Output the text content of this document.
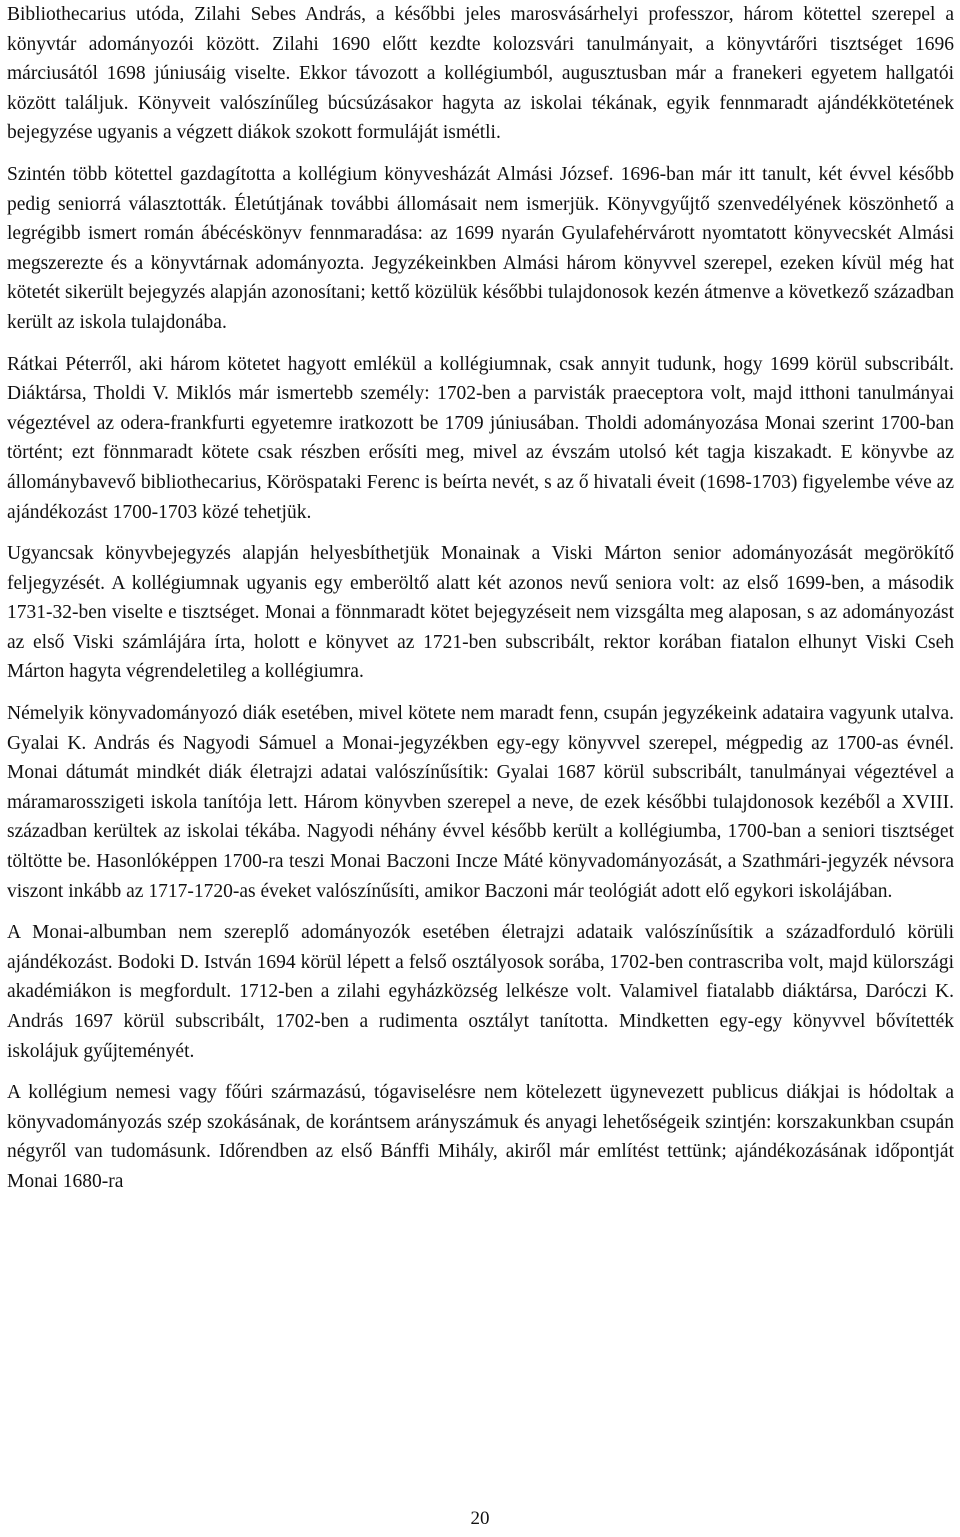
Bibliothecarius utóda, Zilahi Sebes András, a későbbi jeles marosvásárhelyi professzor, három kötettel szerepel a könyvtár adományozói között. Zilahi 1690 előtt kezdte kolozsvári tanulmányait, a könyvtárőri tisztséget 1696 márciusától 1698 júniusáig viselte. Ekkor távozott a kollégiumból, augusztusban már a franekeri egyetem hallgatói között találjuk. Könyveit valószínűleg búcsúzásakor hagyta az iskolai tékának, egyik fennmaradt ajándékkötetének bejegyzése ugyanis a végzett diákok szokott formuláját ismétli.

Szintén több kötettel gazdagította a kollégium könyvesházát Almási József. 1696-ban már itt tanult, két évvel később pedig seniorrá választották. Életútjának további állomásait nem ismerjük. Könyvgyűjtő szenvedélyének köszönhető a legrégibb ismert román ábécéskönyv fennmaradása: az 1699 nyarán Gyulafehérvárott nyomtatott könyvecskét Almási megszerezte és a könyvtárnak adományozta. Jegyzékeinkben Almási három könyvvel szerepel, ezeken kívül még hat kötetét sikerült bejegyzés alapján azonosítani; kettő közülük későbbi tulajdonosok kezén átmenve a következő században került az iskola tulajdonába.

Rátkai Péterről, aki három kötetet hagyott emlékül a kollégiumnak, csak annyit tudunk, hogy 1699 körül subscribált. Diáktársa, Tholdi V. Miklós már ismertebb személy: 1702-ben a parvisták praeceptora volt, majd itthoni tanulmányai végeztével az odera-frankfurti egyetemre iratkozott be 1709 júniusában. Tholdi adományozása Monai szerint 1700-ban történt; ezt fönnmaradt kötete csak részben erősíti meg, mivel az évszám utolsó két tagja kiszakadt. E könyvbe az állománybavevő bibliothecarius, Köröspataki Ferenc is beírta nevét, s az ő hivatali éveit (1698-1703) figyelembe véve az ajándékozást 1700-1703 közé tehetjük.

Ugyancsak könyvbejegyzés alapján helyesbíthetjük Monainak a Viski Márton senior adományozását megörökítő feljegyzését. A kollégiumnak ugyanis egy emberöltő alatt két azonos nevű seniora volt: az első 1699-ben, a második 1731-32-ben viselte e tisztséget. Monai a fönnmaradt kötet bejegyzéseit nem vizsgálta meg alaposan, s az adományozást az első Viski számlájára írta, holott e könyvet az 1721-ben subscribált, rektor korában fiatalon elhunyt Viski Cseh Márton hagyta végrendeletileg a kollégiumra.

Némelyik könyvadományozó diák esetében, mivel kötete nem maradt fenn, csupán jegyzékeink adataira vagyunk utalva. Gyalai K. András és Nagyodi Sámuel a Monai-jegyzékben egy-egy könyvvel szerepel, mégpedig az 1700-as évnél. Monai dátumát mindkét diák életrajzi adatai valószínűsítik: Gyalai 1687 körül subscribált, tanulmányai végeztével a máramarosszigeti iskola tanítója lett. Három könyvben szerepel a neve, de ezek későbbi tulajdonosok kezéből a XVIII. században kerültek az iskolai tékába. Nagyodi néhány évvel később került a kollégiumba, 1700-ban a seniori tisztséget töltötte be. Hasonlóképpen 1700-ra teszi Monai Baczoni Incze Máté könyvadományozását, a Szathmári-jegyzék névsora viszont inkább az 1717-1720-as éveket valószínűsíti, amikor Baczoni már teológiát adott elő egykori iskolájában.

A Monai-albumban nem szereplő adományozók esetében életrajzi adataik valószínűsítik a századforduló körüli ajándékozást. Bodoki D. István 1694 körül lépett a felső osztályosok sorába, 1702-ben contrascriba volt, majd külországi akadémiákon is megfordult. 1712-ben a zilahi egyházközség lelkésze volt. Valamivel fiatalabb diáktársa, Daróczi K. András 1697 körül subscribált, 1702-ben a rudimenta osztályt tanította. Mindketten egy-egy könyvvel bővítették iskolájuk gyűjteményét.

A kollégium nemesi vagy főúri származású, tógaviselésre nem kötelezett ügynevezett publicus diákjai is hódoltak a könyvadományozás szép szokásának, de korántsem arányszámuk és anyagi lehetőségeik szintjén: korszakunkban csupán négyről van tudomásunk. Időrendben az első Bánffi Mihály, akiről már említést tettünk; ajándékozásának időpontját Monai 1680-ra

20
